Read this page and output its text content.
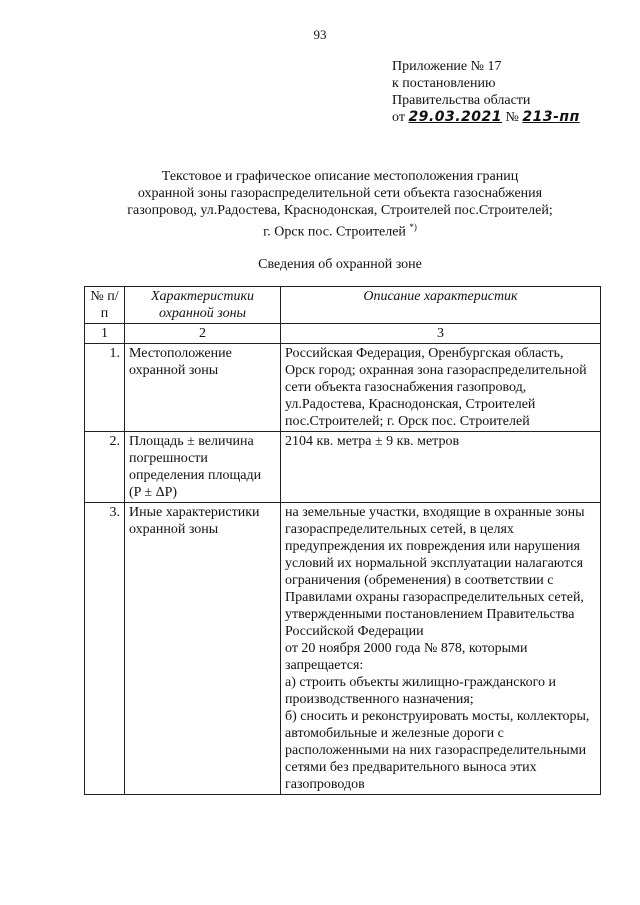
93
Приложение № 17
к постановлению
Правительства области
от 29.03.2021 № 213-пп
Текстовое и графическое описание местоположения границ
охранной зоны газораспределительной сети объекта газоснабжения
газопровод, ул.Радостева, Краснодонская, Строителей пос.Строителей;
г. Орск пос. Строителей *)
Сведения об охранной зоне
№ п/п	Характеристики охранной зоны	Описание характеристик
1	2	3
1.	Местоположение охранной зоны	Российская Федерация, Оренбургская область, Орск город; охранная зона газораспределительной сети объекта газоснабжения газопровод, ул.Радостева, Краснодонская, Строителей пос.Строителей; г. Орск пос. Строителей
2.	Площадь ± величина погрешности определения площади (P ± ΔP)	2104 кв. метра ± 9 кв. метров
3.	Иные характеристики охранной зоны	на земельные участки, входящие в охранные зоны газораспределительных сетей, в целях предупреждения их повреждения или нарушения условий их нормальной эксплуатации налагаются ограничения (обременения) в соответствии с Правилами охраны газораспределительных сетей, утвержденными постановлением Правительства Российской Федерации
от 20 ноября 2000 года № 878, которыми запрещается:
а) строить объекты жилищно-гражданского и производственного назначения;
б) сносить и реконструировать мосты, коллекторы, автомобильные и железные дороги с расположенными на них газораспределительными сетями без предварительного выноса этих газопроводов
